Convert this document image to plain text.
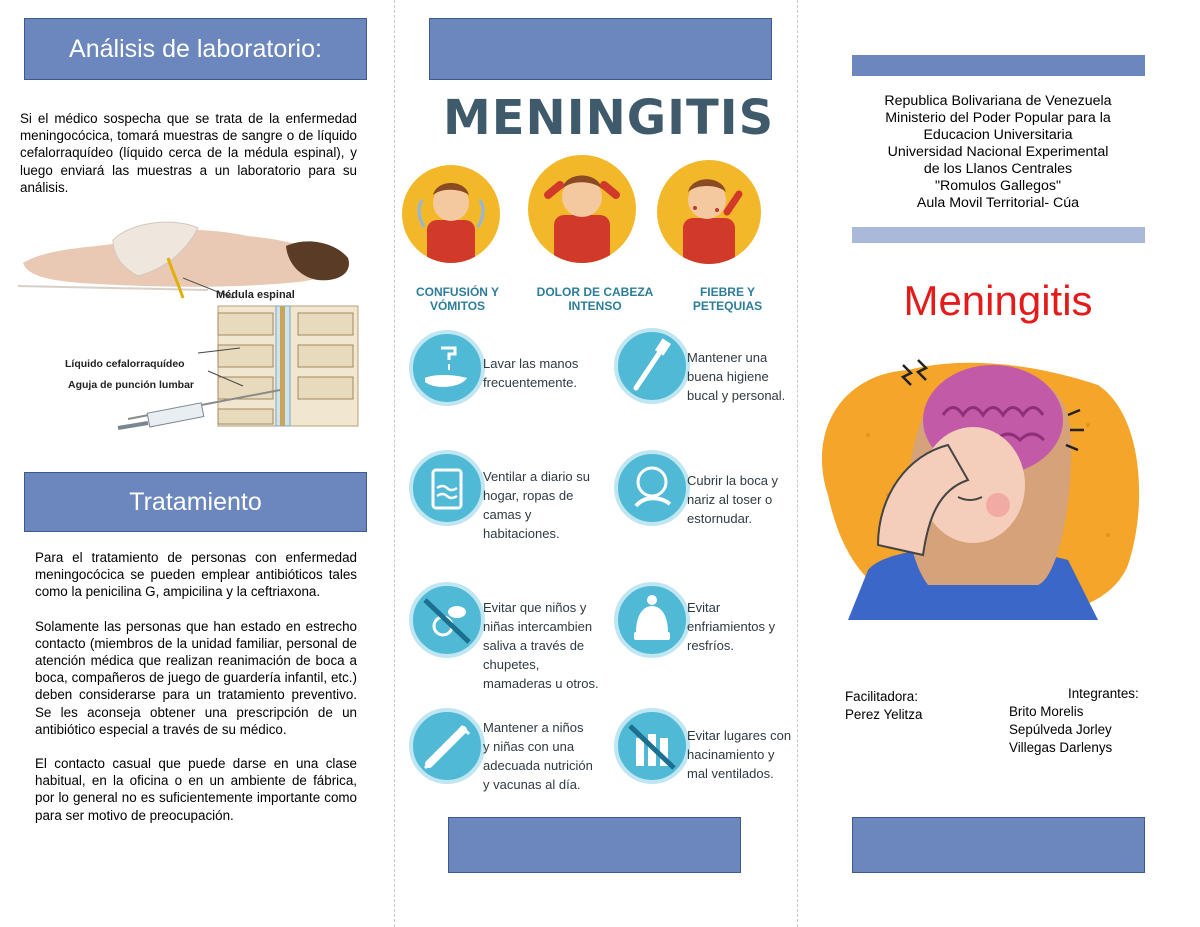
Análisis de laboratorio:
Si el médico sospecha que se trata de la enfermedad meningocócica, tomará muestras de sangre o de líquido cefalorraquídeo (líquido cerca de la médula espinal), y luego enviará las muestras a un laboratorio para su análisis.
Médula espinal
Líquido cefalorraquídeo
Aguja de punción lumbar
Tratamiento

Para el tratamiento de personas con enfermedad meningocócica se pueden emplear antibióticos tales como la penicilina G, ampicilina y la ceftriaxona.

Solamente las personas que han estado en estrecho contacto (miembros de la unidad familiar, personal de atención médica que realizan reanimación de boca a boca, compañeros de juego de guardería infantil, etc.) deben considerarse para un tratamiento preventivo. Se les aconseja obtener una prescripción de un antibiótico especial a través de su médico.

El contacto casual que puede darse en una clase habitual, en la oficina o en un ambiente de fábrica, por lo general no es suficientemente importante como para ser motivo de preocupación.

MENINGITIS
CONFUSIÓN Y VÓMITOS
DOLOR DE CABEZA INTENSO
FIEBRE Y PETEQUIAS
Lavar las manos frecuentemente.
Mantener una buena higiene bucal y personal.
Ventilar a diario su hogar, ropas de camas y habitaciones.
Cubrir la boca y nariz al toser o estornudar.
Evitar que niños y niñas intercambien saliva a través de chupetes, mamaderas u otros.
Evitar enfriamientos y resfríos.
Mantener a niños y niñas con una adecuada nutrición y vacunas al día.
Evitar lugares con hacinamiento y mal ventilados.
Republica Bolivariana de Venezuela
Ministerio del Poder Popular para la
Educacion Universitaria
Universidad Nacional Experimental
de los Llanos Centrales
"Romulos Gallegos"
Aula Movil Territorial- Cúa
Meningitis
Facilitadora:
Perez Yelitza
Integrantes:
Brito Morelis
Sepúlveda Jorley
Villegas Darlenys
